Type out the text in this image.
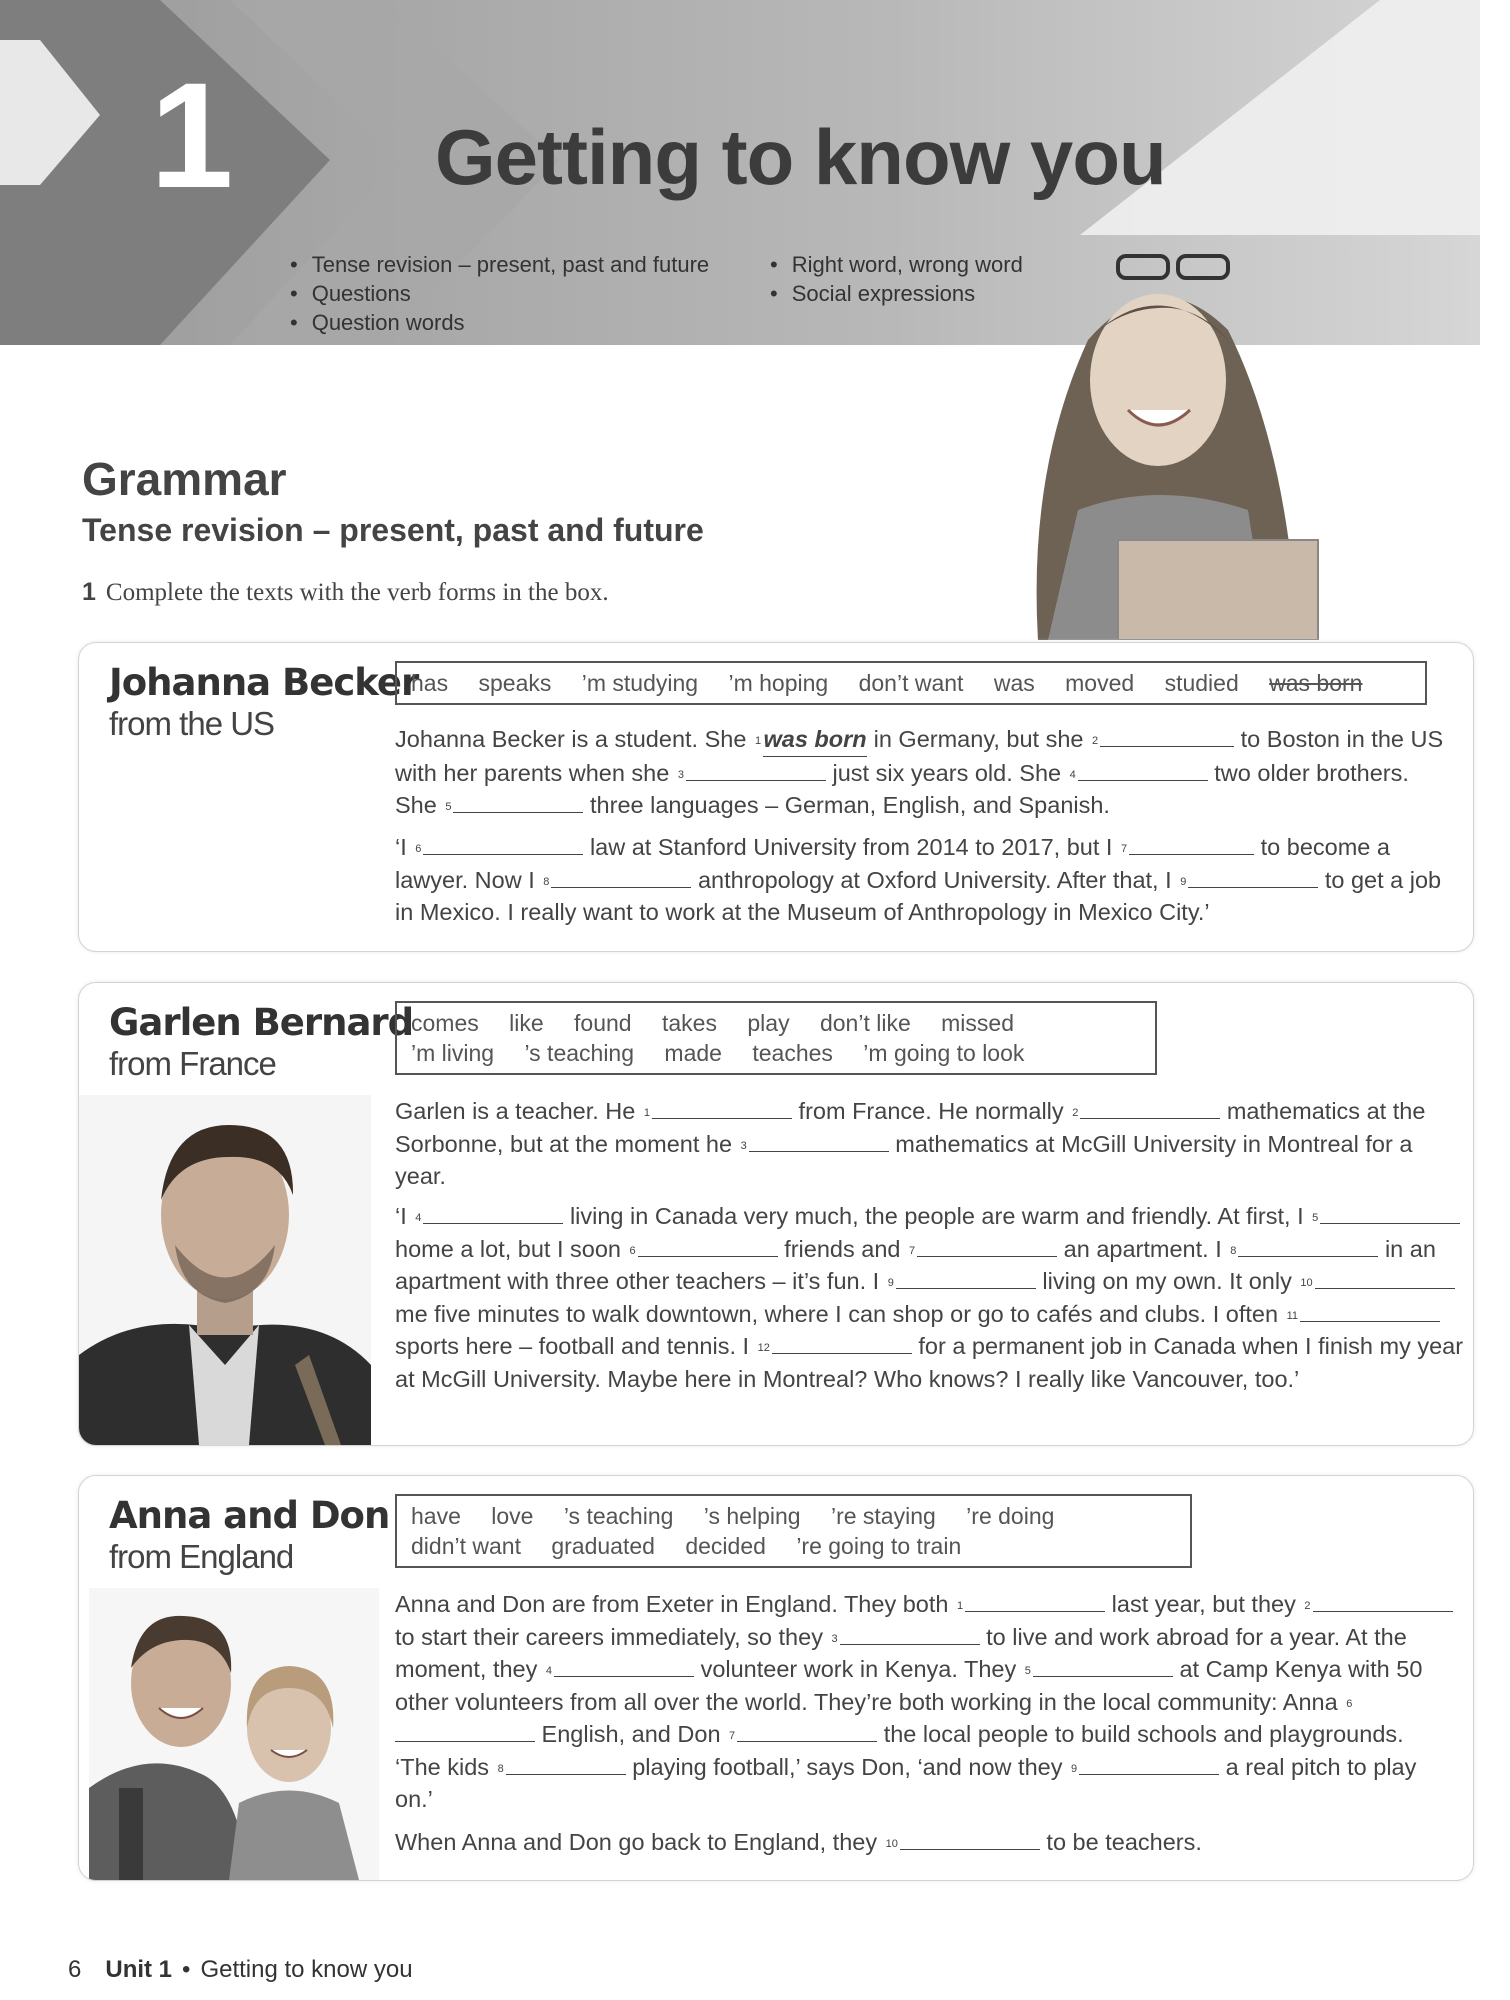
1	Getting to know you
• Tense revision – present, past and future
• Questions
• Question words
• Right word, wrong word
• Social expressions
Grammar
Tense revision – present, past and future
1 Complete the texts with the verb forms in the box.
Johanna Becker
from the US
has speaks ’m studying ’m hoping don’t want was moved studied was born
Johanna Becker is a student. She $^1$ was born in Germany, but she $^2$	to Boston in the US with her parents when she $^3$	just six years old. She $^4$	two older brothers. She $^5$	three languages – German, English, and Spanish.
‘I $^6$	law at Stanford University from 2014 to 2017, but I $^7$	to become a lawyer. Now I $^8$	anthropology at Oxford University. After that, I $^9$	to get a job in Mexico. I really want to work at the Museum of Anthropology in Mexico City.’
Garlen Bernard
from France
comes like found takes play don’t like missed ’m living ’s teaching made teaches ’m going to look
Garlen is a teacher. He $^1$	from France. He normally $^2$	mathematics at the Sorbonne, but at the moment he $^3$	mathematics at McGill University in Montreal for a year.
‘I $^4$	living in Canada very much, the people are warm and friendly. At first, I $^5$ home a lot, but I soon $^6$	friends and $^7$	an apartment. I $^8$	in an apartment with three other teachers – it’s fun. I $^9$	living on my own. It only $^{10}$ me five minutes to walk downtown, where I can shop or go to cafés and clubs. I often $^{11}$ sports here – football and tennis. I $^{12}$	for a permanent job in Canada when I finish my year at McGill University. Maybe here in Montreal? Who knows? I really like Vancouver, too.’
Anna and Don
from England
have love ’s teaching ’s helping ’re staying ’re doing didn’t want graduated decided ’re going to train
Anna and Don are from Exeter in England. They both $^1$	last year, but they $^2$ to start their careers immediately, so they $^3$	to live and work abroad for a year. At the moment, they $^4$	volunteer work in Kenya. They $^5$	at Camp Kenya with 50 other volunteers from all over the world. They’re both working in the local community: Anna $^6$ English, and Don $^7$	the local people to build schools and playgrounds. ‘The kids $^8$	playing football,’ says Don, ‘and now they $^9$	a real pitch to play on.’
When Anna and Don go back to England, they $^{10}$	to be teachers.
6 Unit 1 • Getting to know you
